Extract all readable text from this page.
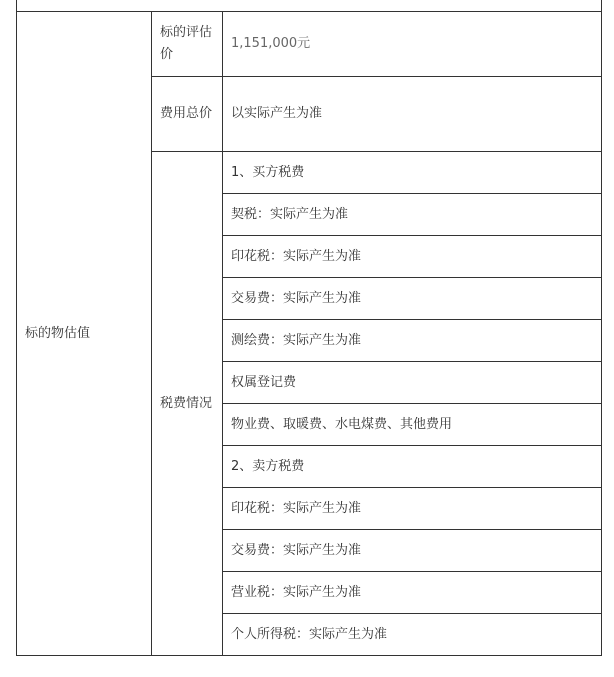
标的物估值	标的评估价	1,151,000元
	费用总价	以实际产生为准
	税费情况	1、买方税费
		契税：实际产生为准
		印花税：实际产生为准
		交易费：实际产生为准
		测绘费：实际产生为准
		权属登记费
		物业费、取暖费、水电煤费、其他费用
		2、卖方税费
		印花税：实际产生为准
		交易费：实际产生为准
		营业税：实际产生为准
		个人所得税：实际产生为准
